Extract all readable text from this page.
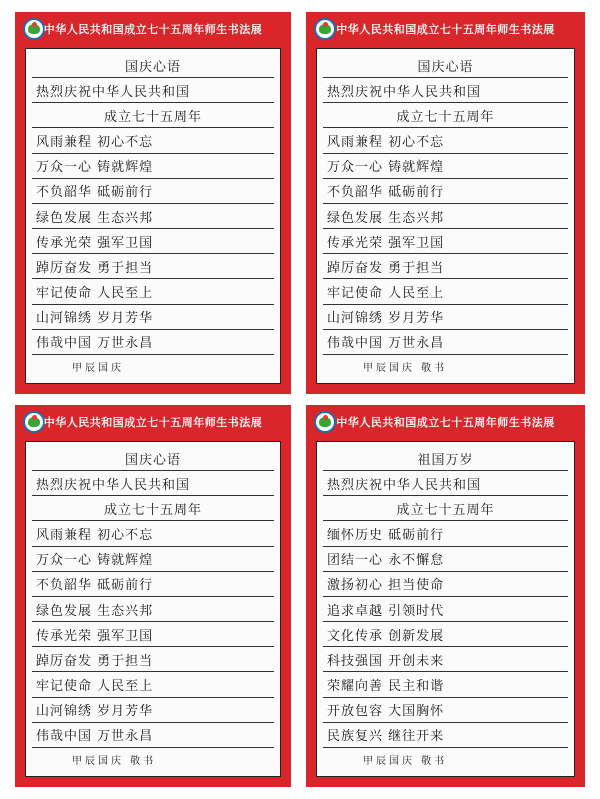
中华人民共和国成立七十五周年师生书法展
国庆心语
热烈庆祝中华人民共和国
成立七十五周年
风雨兼程 初心不忘
万众一心 铸就辉煌
不负韶华 砥砺前行
绿色发展 生态兴邦
传承光荣 强军卫国
踔厉奋发 勇于担当
牢记使命 人民至上
山河锦绣 岁月芳华
伟哉中国 万世永昌
甲辰国庆
中华人民共和国成立七十五周年师生书法展
国庆心语
热烈庆祝中华人民共和国
成立七十五周年
风雨兼程 初心不忘
万众一心 铸就辉煌
不负韶华 砥砺前行
绿色发展 生态兴邦
传承光荣 强军卫国
踔厉奋发 勇于担当
牢记使命 人民至上
山河锦绣 岁月芳华
伟哉中国 万世永昌
甲辰国庆 敬书
中华人民共和国成立七十五周年师生书法展
国庆心语
热烈庆祝中华人民共和国
成立七十五周年
风雨兼程 初心不忘
万众一心 铸就辉煌
不负韶华 砥砺前行
绿色发展 生态兴邦
传承光荣 强军卫国
踔厉奋发 勇于担当
牢记使命 人民至上
山河锦绣 岁月芳华
伟哉中国 万世永昌
甲辰国庆 敬书
中华人民共和国成立七十五周年师生书法展
祖国万岁
热烈庆祝中华人民共和国
成立七十五周年
缅怀历史 砥砺前行
团结一心 永不懈怠
激扬初心 担当使命
追求卓越 引领时代
文化传承 创新发展
科技强国 开创未来
荣耀向善 民主和谐
开放包容 大国胸怀
民族复兴 继往开来
甲辰国庆 敬书
